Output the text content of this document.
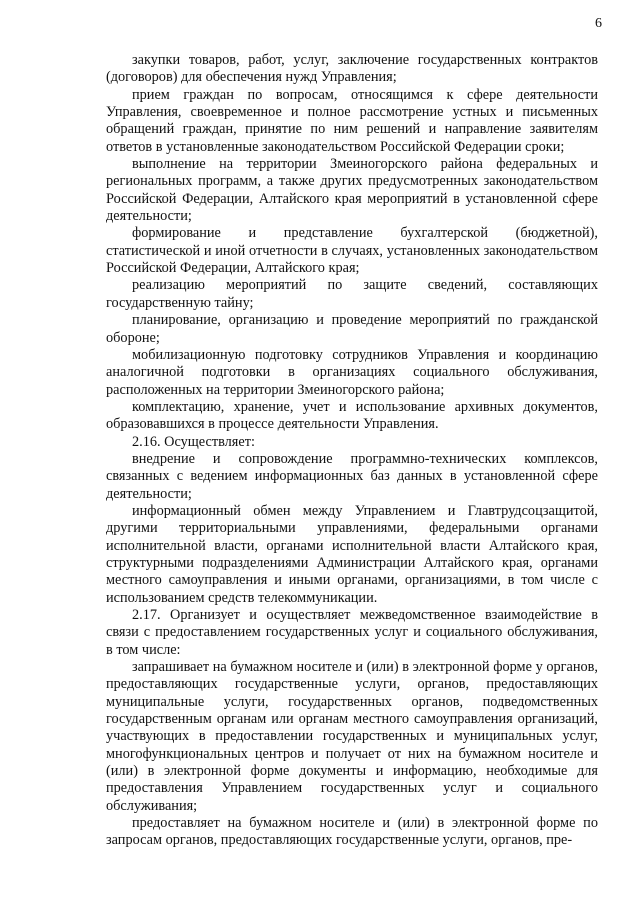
6

закупки товаров, работ, услуг, заключение государственных контрактов (договоров) для обеспечения нужд Управления;

прием граждан по вопросам, относящимся к сфере деятельности Управления, своевременное и полное рассмотрение устных и письменных обращений граждан, принятие по ним решений и направление заявителям ответов в установленные законодательством Российской Федерации сроки;

выполнение на территории Змеиногорского района федеральных и региональных программ, а также других предусмотренных законодательством Российской Федерации, Алтайского края мероприятий в установленной сфере деятельности;

формирование и представление бухгалтерской (бюджетной), статистической и иной отчетности в случаях, установленных законодательством Российской Федерации, Алтайского края;

реализацию мероприятий по защите сведений, составляющих государственную тайну;

планирование, организацию и проведение мероприятий по гражданской обороне;

мобилизационную подготовку сотрудников Управления и координацию аналогичной подготовки в организациях социального обслуживания, расположенных на территории Змеиногорского района;

комплектацию, хранение, учет и использование архивных документов, образовавшихся в процессе деятельности Управления.

2.16. Осуществляет:

внедрение и сопровождение программно-технических комплексов, связанных с ведением информационных баз данных в установленной сфере деятельности;

информационный обмен между Управлением и Главтрудсоцзащитой, другими территориальными управлениями, федеральными органами исполнительной власти, органами исполнительной власти Алтайского края, структурными подразделениями Администрации Алтайского края, органами местного самоуправления и иными органами, организациями, в том числе с использованием средств телекоммуникации.

2.17. Организует и осуществляет межведомственное взаимодействие в связи с предоставлением государственных услуг и социального обслуживания, в том числе:

запрашивает на бумажном носителе и (или) в электронной форме у органов, предоставляющих государственные услуги, органов, предоставляющих муниципальные услуги, государственных органов, подведомственных государственным органам или органам местного самоуправления организаций, участвующих в предоставлении государственных и муниципальных услуг, многофункциональных центров и получает от них на бумажном носителе и (или) в электронной форме документы и информацию, необходимые для предоставления Управлением государственных услуг и социального обслуживания;

предоставляет на бумажном носителе и (или) в электронной форме по запросам органов, предоставляющих государственные услуги, органов, пре-
